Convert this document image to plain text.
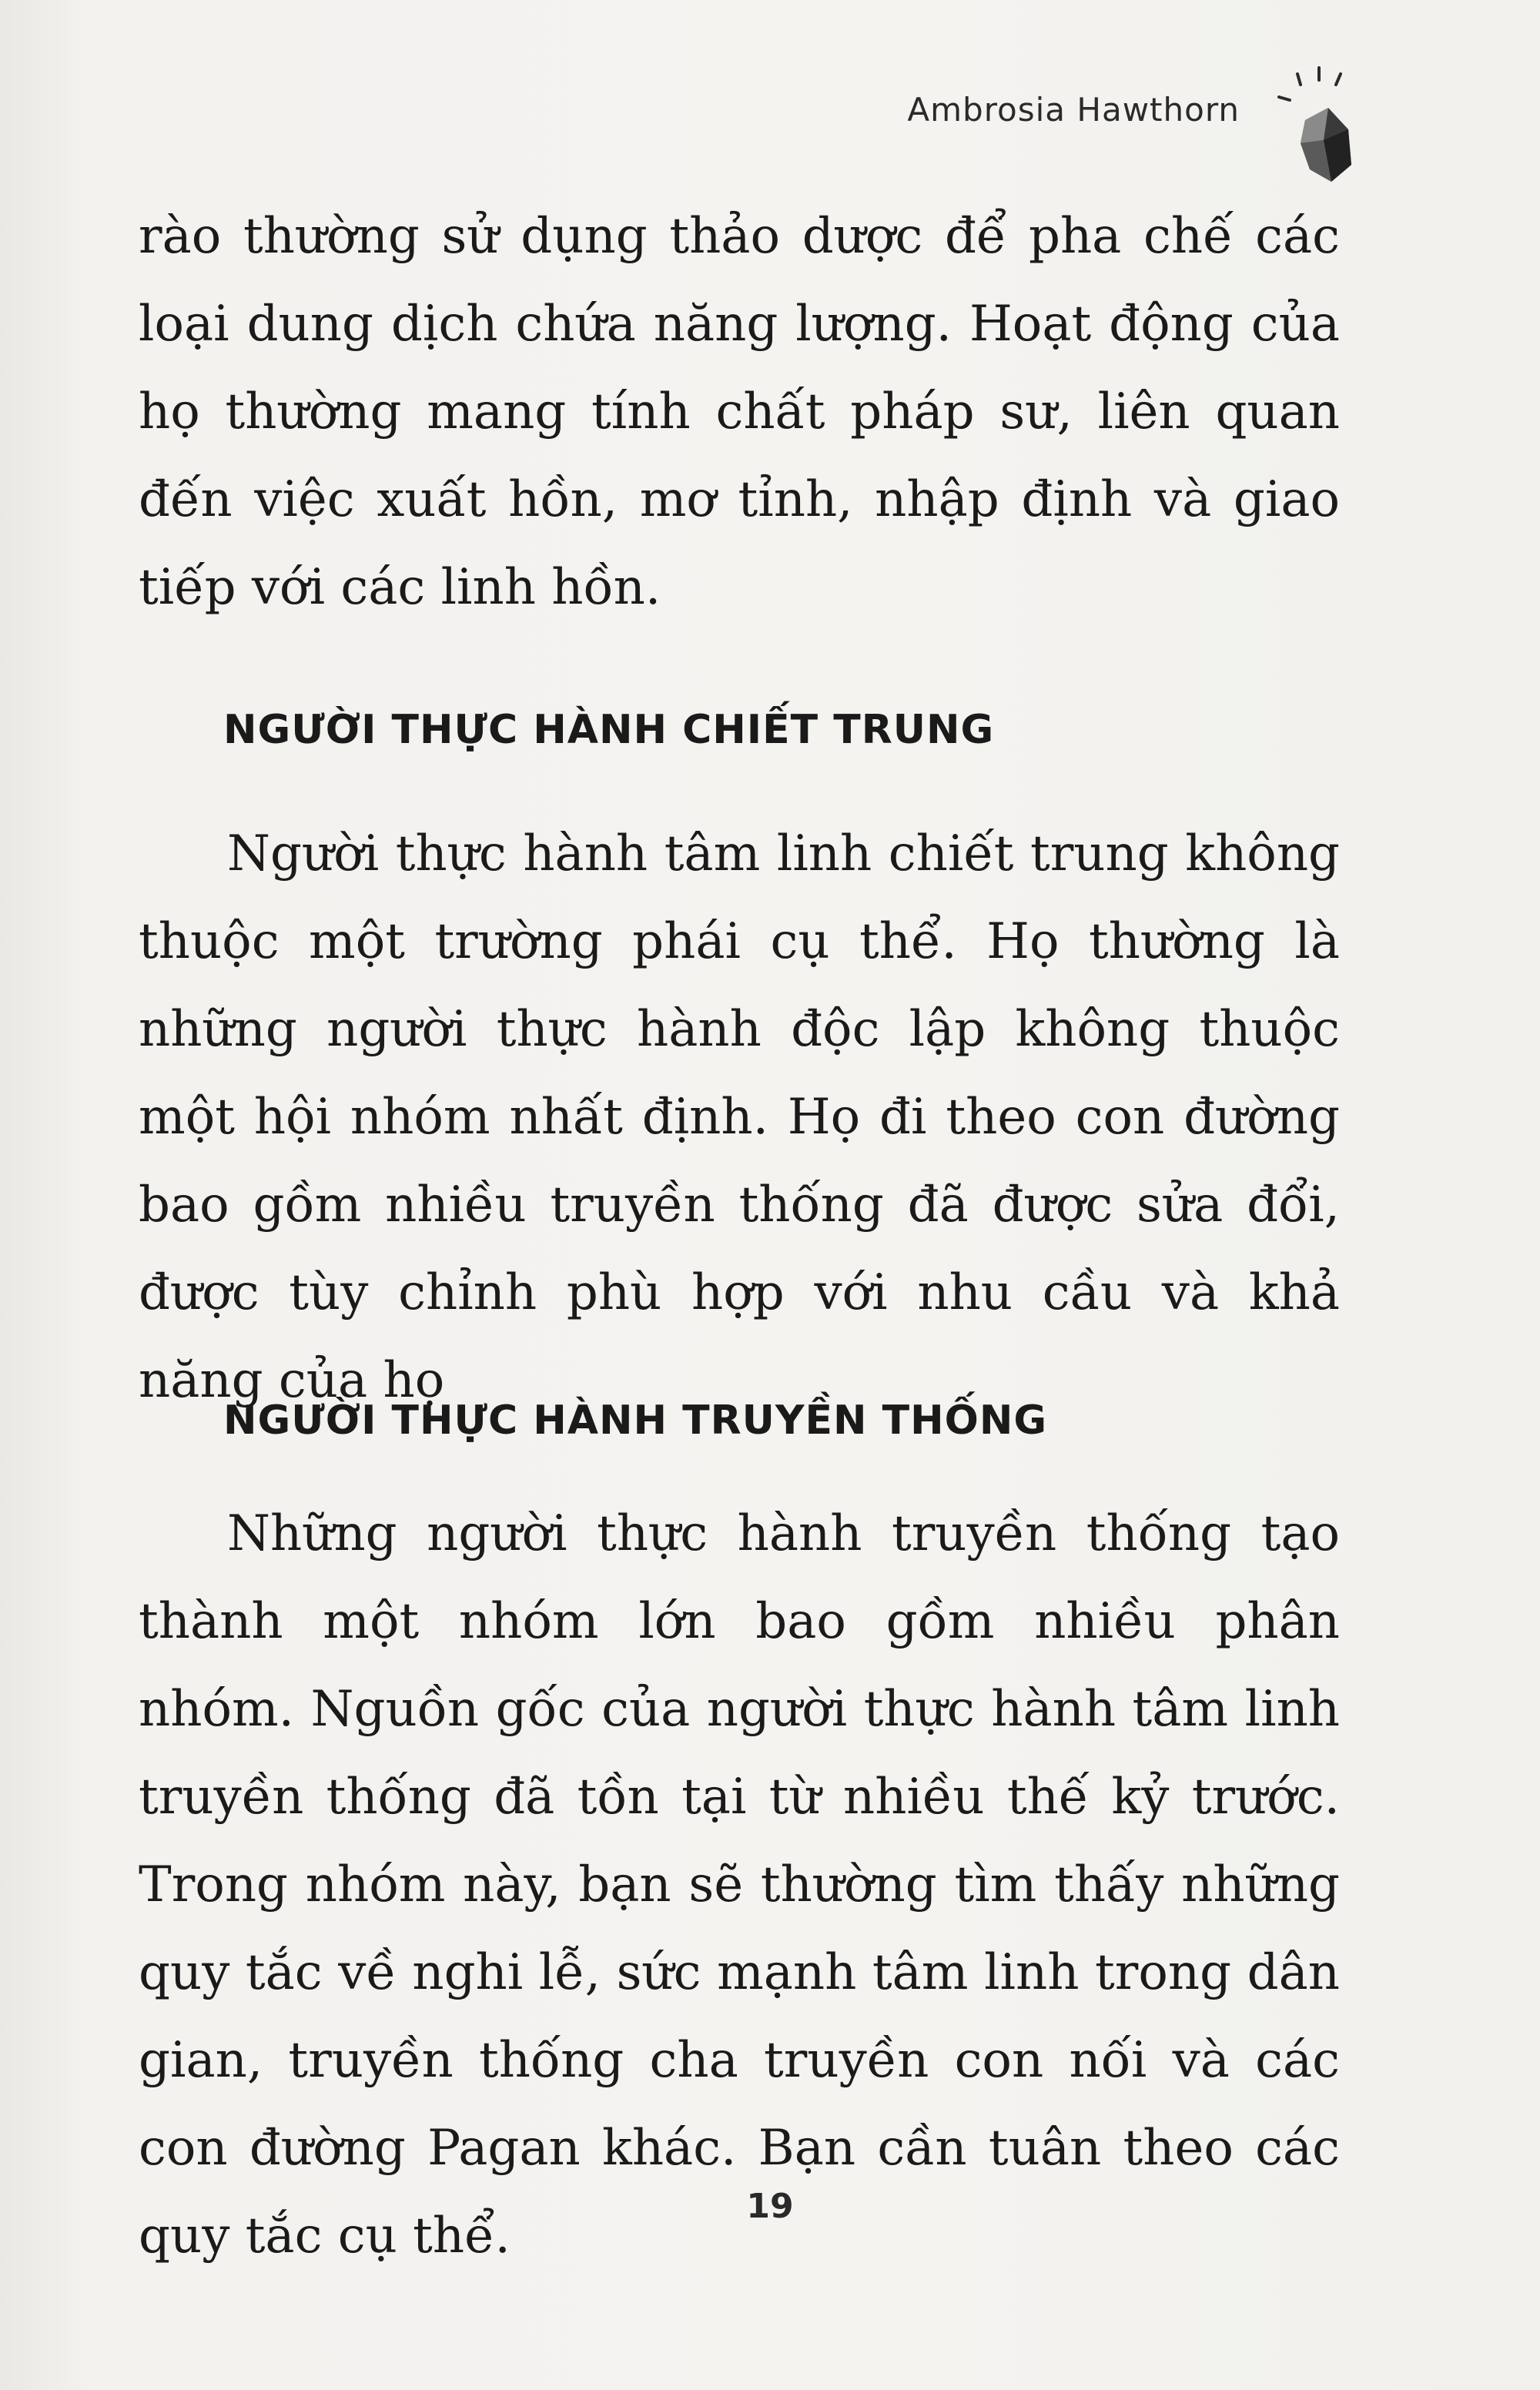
Ambrosia Hawthorn
rào thường sử dụng thảo dược để pha chế các loại dung dịch chứa năng lượng. Hoạt động của họ thường mang tính chất pháp sư, liên quan đến việc xuất hồn, mơ tỉnh, nhập định và giao tiếp với các linh hồn.
NGƯỜI THỰC HÀNH CHIẾT TRUNG
Người thực hành tâm linh chiết trung không thuộc một trường phái cụ thể. Họ thường là những người thực hành độc lập không thuộc một hội nhóm nhất định. Họ đi theo con đường bao gồm nhiều truyền thống đã được sửa đổi, được tùy chỉnh phù hợp với nhu cầu và khả năng của họ
NGƯỜI THỰC HÀNH TRUYỀN THỐNG
Những người thực hành truyền thống tạo thành một nhóm lớn bao gồm nhiều phân nhóm. Nguồn gốc của người thực hành tâm linh truyền thống đã tồn tại từ nhiều thế kỷ trước. Trong nhóm này, bạn sẽ thường tìm thấy những quy tắc về nghi lễ, sức mạnh tâm linh trong dân gian, truyền thống cha truyền con nối và các con đường Pagan khác. Bạn cần tuân theo các quy tắc cụ thể.
19
